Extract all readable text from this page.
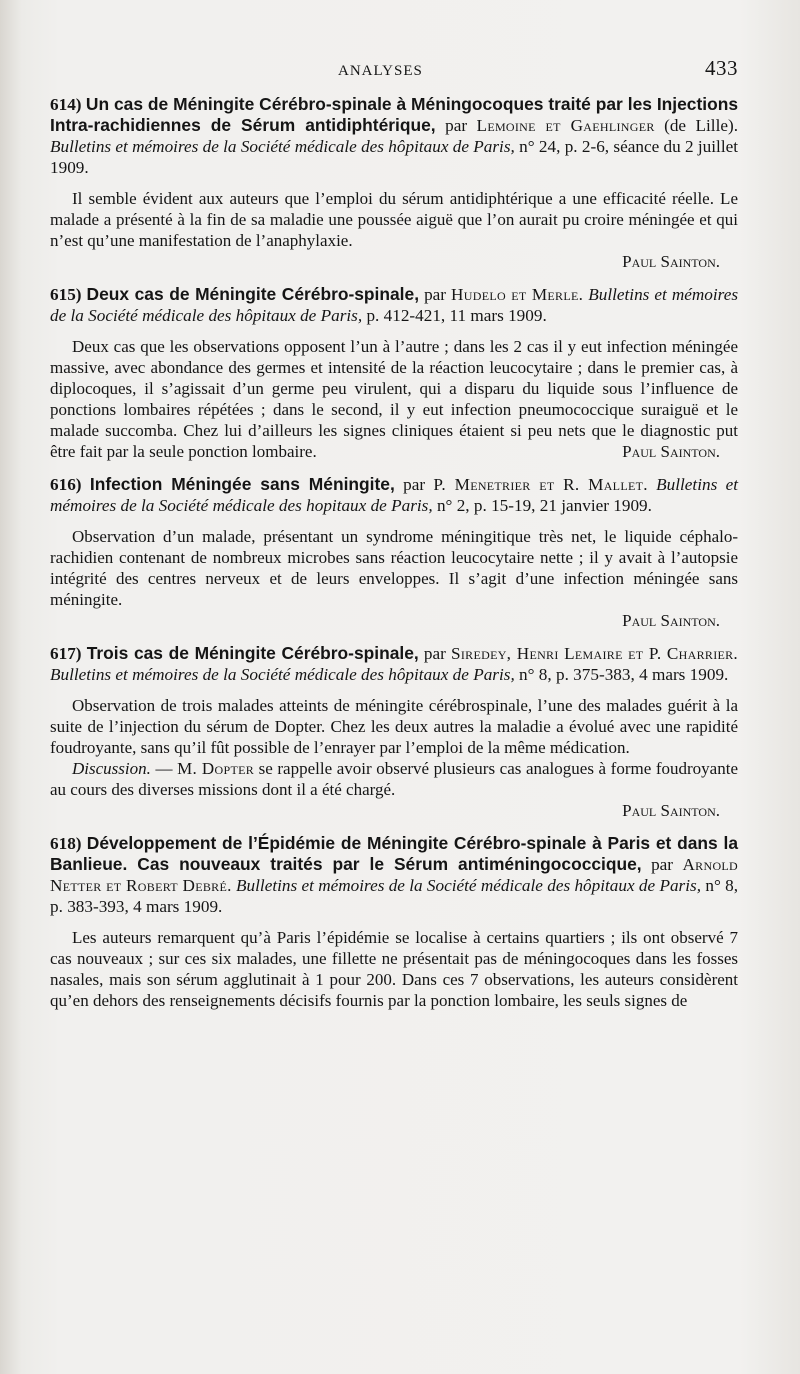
ANALYSES	433
614) Un cas de Méningite Cérébro-spinale à Méningocoques traité par les Injections Intra-rachidiennes de Sérum antidiphtérique, par Lemoine et Gaehlinger (de Lille). Bulletins et mémoires de la Société médicale des hôpitaux de Paris, n° 24, p. 2-6, séance du 2 juillet 1909.
Il semble évident aux auteurs que l’emploi du sérum antidiphtérique a une efficacité réelle. Le malade a présenté à la fin de sa maladie une poussée aiguë que l’on aurait pu croire méningée et qui n’est qu’une manifestation de l’anaphylaxie.
Paul Sainton.
615) Deux cas de Méningite Cérébro-spinale, par Hudelo et Merle. Bulletins et mémoires de la Société médicale des hôpitaux de Paris, p. 412-421, 11 mars 1909.
Deux cas que les observations opposent l’un à l’autre ; dans les 2 cas il y eut infection méningée massive, avec abondance des germes et intensité de la réaction leucocytaire ; dans le premier cas, à diplocoques, il s’agissait d’un germe peu virulent, qui a disparu du liquide sous l’influence de ponctions lombaires répétées ; dans le second, il y eut infection pneumococcique suraiguë et le malade succomba. Chez lui d’ailleurs les signes cliniques étaient si peu nets que le diagnostic put être fait par la seule ponction lombaire.	Paul Sainton.
616) Infection Méningée sans Méningite, par P. Menetrier et R. Mallet. Bulletins et mémoires de la Société médicale des hopitaux de Paris, n° 2, p. 15-19, 21 janvier 1909.
Observation d’un malade, présentant un syndrome méningitique très net, le liquide céphalo-rachidien contenant de nombreux microbes sans réaction leucocytaire nette ; il y avait à l’autopsie intégrité des centres nerveux et de leurs enveloppes. Il s’agit d’une infection méningée sans méningite.
Paul Sainton.
617) Trois cas de Méningite Cérébro-spinale, par Siredey, Henri Lemaire et P. Charrier. Bulletins et mémoires de la Société médicale des hôpitaux de Paris, n° 8, p. 375-383, 4 mars 1909.
Observation de trois malades atteints de méningite cérébrospinale, l’une des malades guérit à la suite de l’injection du sérum de Dopter. Chez les deux autres la maladie a évolué avec une rapidité foudroyante, sans qu’il fût possible de l’enrayer par l’emploi de la même médication.
Discussion. — M. Dopter se rappelle avoir observé plusieurs cas analogues à forme foudroyante au cours des diverses missions dont il a été chargé.
Paul Sainton.
618) Développement de l’Épidémie de Méningite Cérébro-spinale à Paris et dans la Banlieue. Cas nouveaux traités par le Sérum antiméningococcique, par Arnold Netter et Robert Debré. Bulletins et mémoires de la Société médicale des hôpitaux de Paris, n° 8, p. 383-393, 4 mars 1909.
Les auteurs remarquent qu’à Paris l’épidémie se localise à certains quartiers ; ils ont observé 7 cas nouveaux ; sur ces six malades, une fillette ne présentait pas de méningocoques dans les fosses nasales, mais son sérum agglutinait à 1 pour 200. Dans ces 7 observations, les auteurs considèrent qu’en dehors des renseignements décisifs fournis par la ponction lombaire, les seuls signes de
